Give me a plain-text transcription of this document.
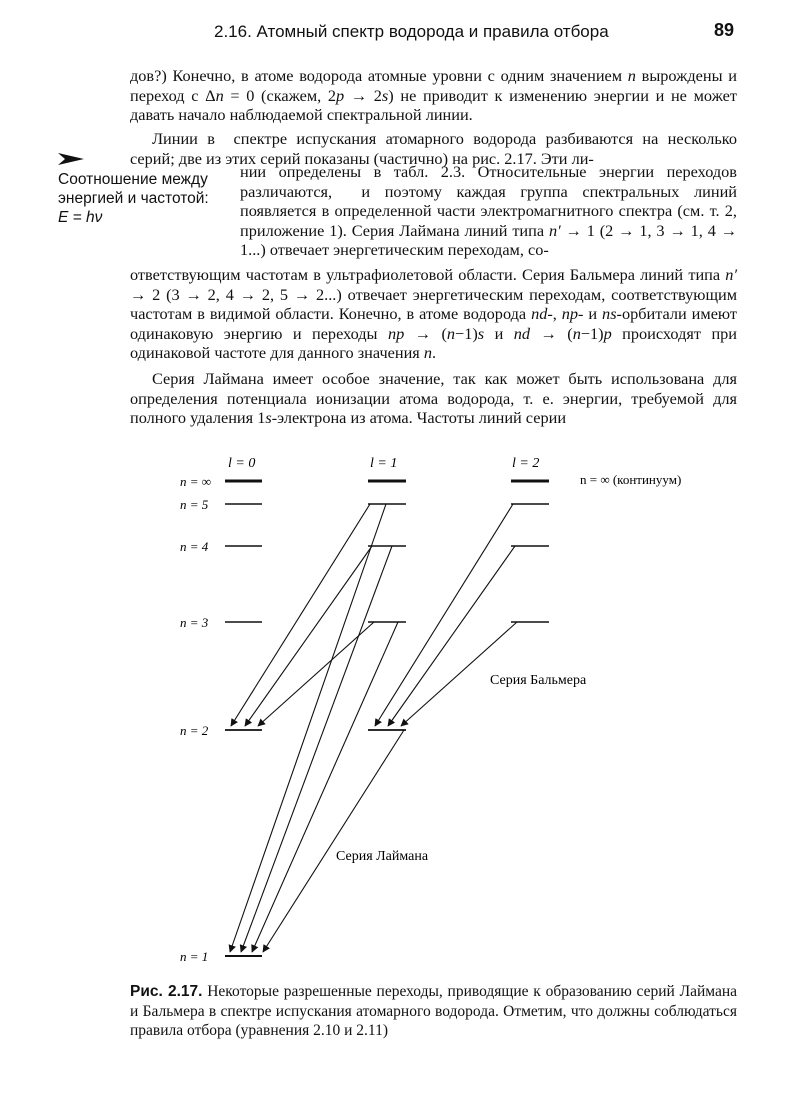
2.16. Атомный спектр водорода и правила отбора	89
дов?) Конечно, в атоме водорода атомные уровни с одним значением n вырождены и переход с Δn = 0 (скажем, 2p → 2s) не приводит к изменению энергии и не может давать начало наблюдаемой спектральной линии.
Линии в  спектре испускания атомарного водорода разбиваются на несколько серий; две из этих серий показаны (частично) на рис. 2.17. Эти ли-
нии определены в табл. 2.3. Относительные энергии переходов различаются,  и поэтому каждая группа спектральных линий появляется в определенной части электромагнитного спектра (см. т. 2, приложение 1). Серия Лаймана линий типа n′ → 1 (2 → 1, 3 → 1, 4 → 1...) отвечает энергетическим переходам, со-
ответствующим частотам в ультрафиолетовой области. Серия Бальмера линий типа n′ → 2 (3 → 2, 4 → 2, 5 → 2...) отвечает энергетическим переходам, соответствующим частотам в видимой области. Конечно, в атоме водорода nd-, np- и ns-орбитали имеют одинаковую энергию и переходы np → (n−1)s и nd → (n−1)p происходят при одинаковой частоте для данного значения n.
Серия Лаймана имеет особое значение, так как может быть использована для определения потенциала ионизации атома водорода, т. е. энергии, требуемой для полного удаления 1s-электрона из атома. Частоты линий серии
Соотношение между
энергией и частотой:
E = hν
l = 0	l = 1	l = 2
n = ∞
n = 5
n = 4
n = 3
n = 2
n = 1
n = ∞ (континуум)
Серия Бальмера
Серия Лаймана
Рис. 2.17. Некоторые разрешенные переходы, приводящие к образованию серий Лаймана и Бальмера в спектре испускания атомарного водорода. Отметим, что должны соблюдаться правила отбора (уравнения 2.10 и 2.11)
